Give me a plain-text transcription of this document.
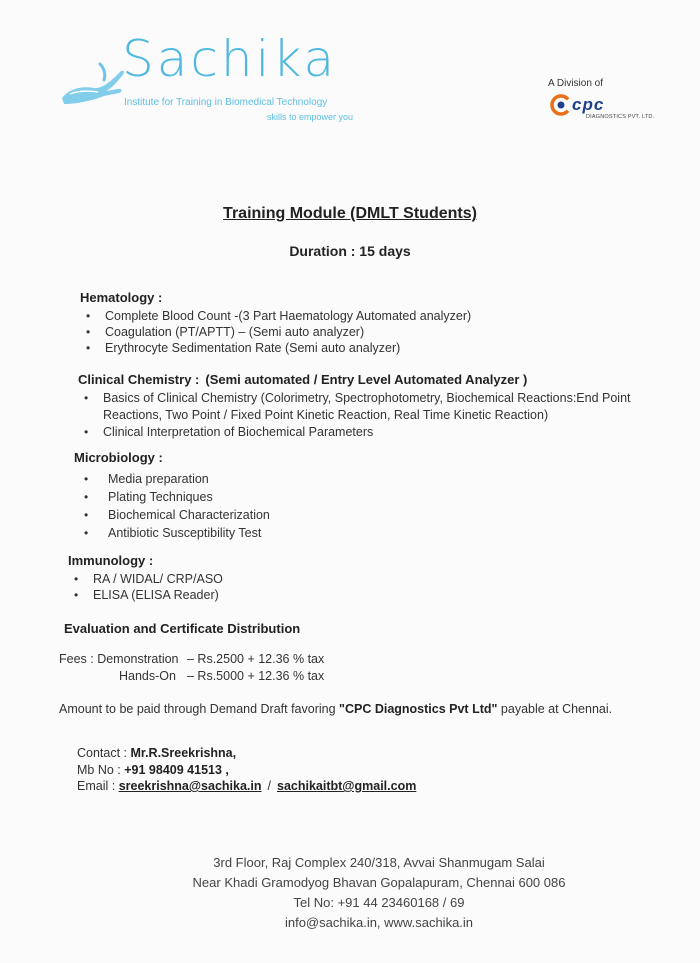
Sachika
Institute for Training in Biomedical Technology
skills to empower you
A Division of
cpc
DIAGNOSTICS PVT. LTD.
Training Module (DMLT Students)
Duration : 15 days
Hematology :
• Complete Blood Count -(3 Part Haematology Automated analyzer)
• Coagulation (PT/APTT) – (Semi auto analyzer)
• Erythrocyte Sedimentation Rate (Semi auto analyzer)
Clinical Chemistry : (Semi automated / Entry Level Automated Analyzer )
• Basics of Clinical Chemistry (Colorimetry, Spectrophotometry, Biochemical Reactions:End Point Reactions, Two Point / Fixed Point Kinetic Reaction, Real Time Kinetic Reaction)
• Clinical Interpretation of Biochemical Parameters
Microbiology :
• Media preparation
• Plating Techniques
• Biochemical Characterization
• Antibiotic Susceptibility Test
Immunology :
• RA / WIDAL/ CRP/ASO
• ELISA (ELISA Reader)
Evaluation and Certificate Distribution
Fees : Demonstration – Rs.2500 + 12.36 % tax
Hands-On – Rs.5000 + 12.36 % tax
Amount to be paid through Demand Draft favoring "CPC Diagnostics Pvt Ltd" payable at Chennai.
Contact : Mr.R.Sreekrishna,
Mb No : +91 98409 41513 ,
Email : sreekrishna@sachika.in / sachikaitbt@gmail.com
3rd Floor, Raj Complex 240/318, Avvai Shanmugam Salai
Near Khadi Gramodyog Bhavan Gopalapuram, Chennai 600 086
Tel No: +91 44 23460168 / 69
info@sachika.in, www.sachika.in
